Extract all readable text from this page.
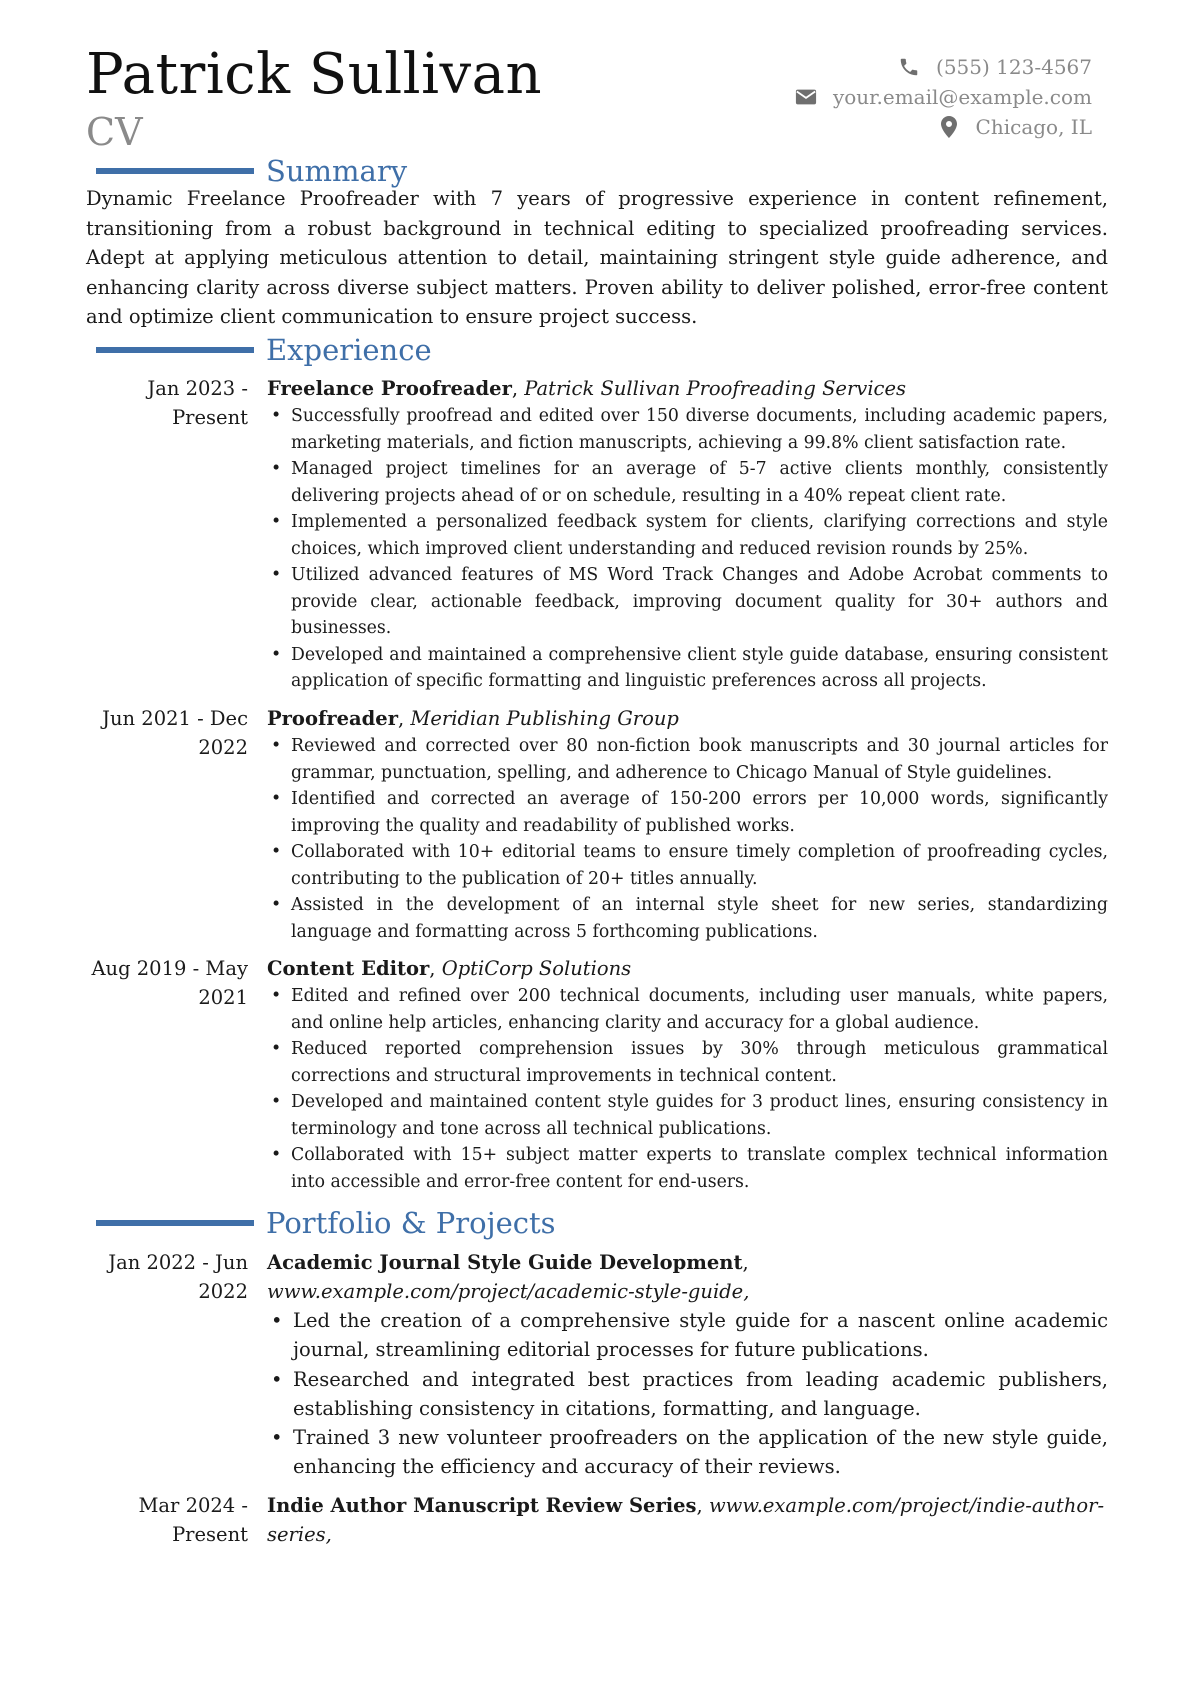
Patrick Sullivan
CV
(555) 123-4567
your.email@example.com
Chicago, IL
Summary

Dynamic Freelance Proofreader with 7 years of progressive experience in content refinement, transitioning from a robust background in technical editing to specialized proofreading services. Adept at applying meticulous attention to detail, maintaining stringent style guide adherence, and enhancing clarity across diverse subject matters. Proven ability to deliver polished, error-free content and optimize client communication to ensure project success.

Experience

Jan 2023 - Present

Freelance Proofreader, Patrick Sullivan Proofreading Services

• Successfully proofread and edited over 150 diverse documents, including academic papers, marketing materials, and fiction manuscripts, achieving a 99.8% client satisfaction rate.
• Managed project timelines for an average of 5-7 active clients monthly, consistently delivering projects ahead of or on schedule, resulting in a 40% repeat client rate.
• Implemented a personalized feedback system for clients, clarifying corrections and style choices, which improved client understanding and reduced revision rounds by 25%.
• Utilized advanced features of MS Word Track Changes and Adobe Acrobat comments to provide clear, actionable feedback, improving document quality for 30+ authors and businesses.
• Developed and maintained a comprehensive client style guide database, ensuring consistent application of specific formatting and linguistic preferences across all projects.

Jun 2021 - Dec 2022

Proofreader, Meridian Publishing Group

• Reviewed and corrected over 80 non-fiction book manuscripts and 30 journal articles for grammar, punctuation, spelling, and adherence to Chicago Manual of Style guidelines.
• Identified and corrected an average of 150-200 errors per 10,000 words, significantly improving the quality and readability of published works.
• Collaborated with 10+ editorial teams to ensure timely completion of proofreading cycles, contributing to the publication of 20+ titles annually.
• Assisted in the development of an internal style sheet for new series, standardizing language and formatting across 5 forthcoming publications.

Aug 2019 - May 2021

Content Editor, OptiCorp Solutions

• Edited and refined over 200 technical documents, including user manuals, white papers, and online help articles, enhancing clarity and accuracy for a global audience.
• Reduced reported comprehension issues by 30% through meticulous grammatical corrections and structural improvements in technical content.
• Developed and maintained content style guides for 3 product lines, ensuring consistency in terminology and tone across all technical publications.
• Collaborated with 15+ subject matter experts to translate complex technical information into accessible and error-free content for end-users.
Portfolio & Projects

Jan 2022 - Jun 2022

Academic Journal Style Guide Development, www.example.com/project/academic-style-guide,

• Led the creation of a comprehensive style guide for a nascent online academic journal, streamlining editorial processes for future publications.
• Researched and integrated best practices from leading academic publishers, establishing consistency in citations, formatting, and language.
• Trained 3 new volunteer proofreaders on the application of the new style guide, enhancing the efficiency and accuracy of their reviews.

Mar 2024 - Present

Indie Author Manuscript Review Series, www.example.com/project/indie-author-series,
